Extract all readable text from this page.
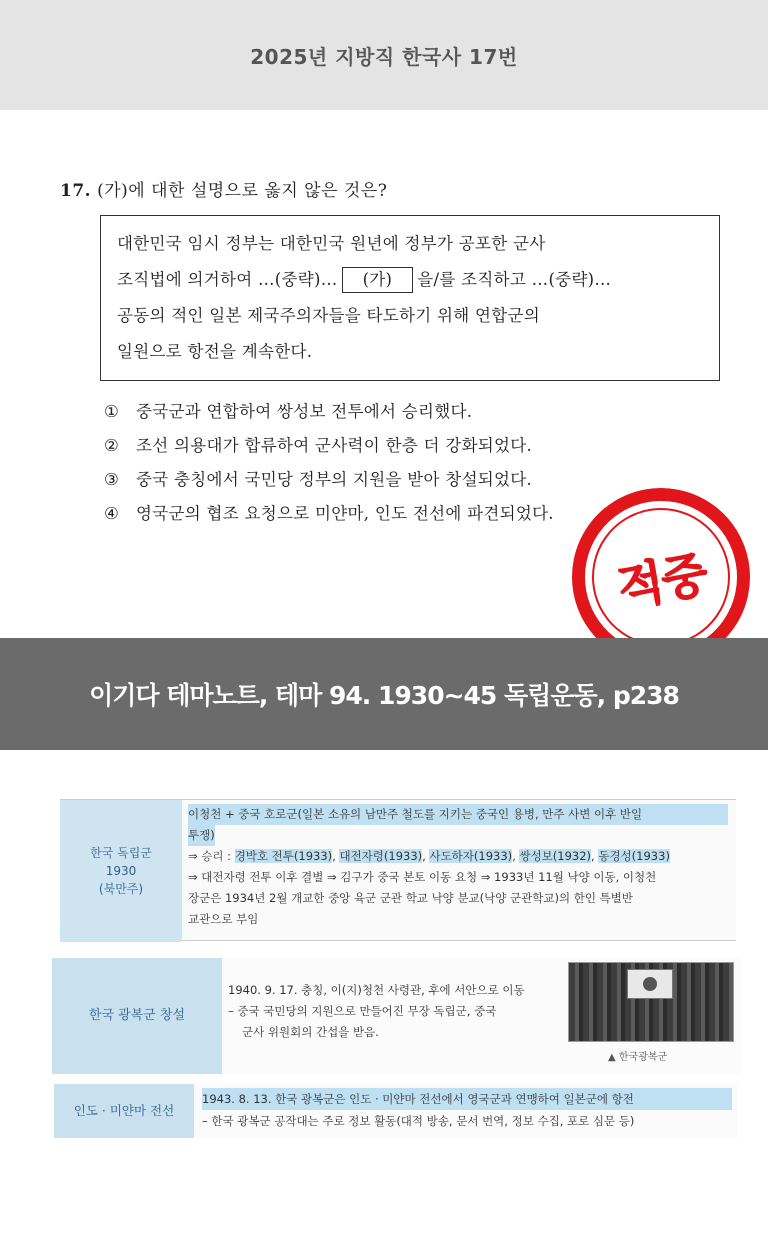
2025년 지방직 한국사 17번
17. (가)에 대한 설명으로 옳지 않은 것은?
대한민국 임시 정부는 대한민국 원년에 정부가 공포한 군사
조직법에 의거하여 …(중략)… (가) 을/를 조직하고 …(중략)…
공동의 적인 일본 제국주의자들을 타도하기 위해 연합군의
일원으로 항전을 계속한다.
① 중국군과 연합하여 쌍성보 전투에서 승리했다.
② 조선 의용대가 합류하여 군사력이 한층 더 강화되었다.
③ 중국 충칭에서 국민당 정부의 지원을 받아 창설되었다.
④ 영국군의 협조 요청으로 미얀마, 인도 전선에 파견되었다.
적중
이기다 테마노트, 테마 94. 1930~45 독립운동, p238
한국 독립군
1930
(북만주)
이청천 + 중국 호로군(일본 소유의 남만주 철도를 지키는 중국인 용병, 만주 사변 이후 반일
투쟁)
⇒ 승리 : 경박호 전투(1933), 대전자령(1933), 사도하자(1933), 쌍성보(1932), 동경성(1933)
⇒ 대전자령 전투 이후 결별 ⇒ 김구가 중국 본토 이동 요청 ⇒ 1933년 11월 낙양 이동, 이청천
장군은 1934년 2월 개교한 중앙 육군 군관 학교 낙양 분교(낙양 군관학교)의 한인 특별반
교관으로 부임
한국 광복군 창설
1940. 9. 17. 충칭, 이(지)청천 사령관, 후에 서안으로 이동
– 중국 국민당의 지원으로 만들어진 무장 독립군, 중국
군사 위원회의 간섭을 받음.
▲ 한국광복군
인도 · 미얀마 전선
1943. 8. 13. 한국 광복군은 인도 · 미얀마 전선에서 영국군과 연맹하여 일본군에 항전
– 한국 광복군 공작대는 주로 정보 활동(대적 방송, 문서 번역, 정보 수집, 포로 심문 등)
